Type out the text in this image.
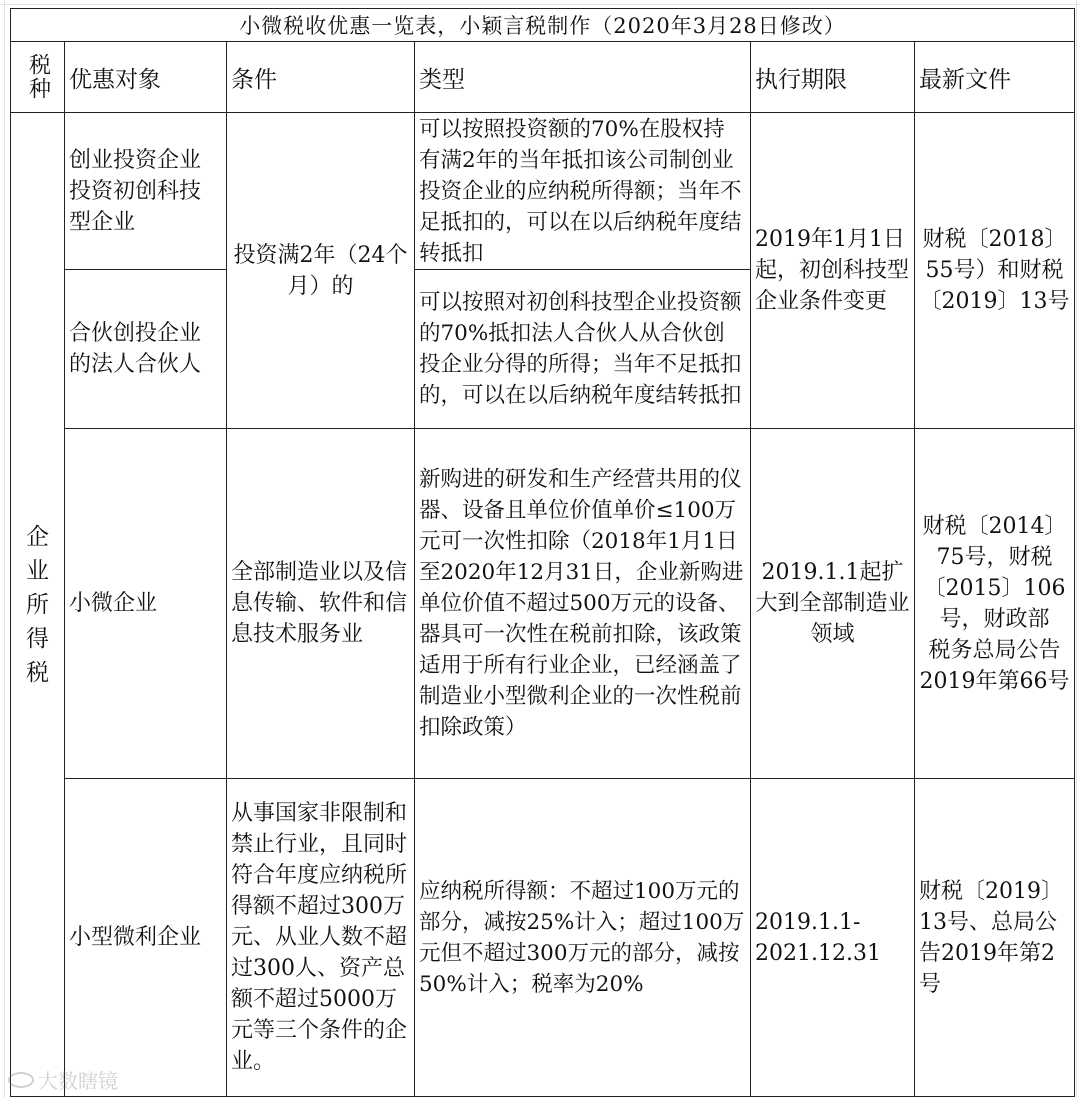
小微税收优惠一览表，小颖言税制作（2020年3月28日修改）					
税种	优惠对象	条件	类型	执行期限	最新文件

企业所得税	创业投资企业投资初创科技型企业	投资满2年（24个月）的	可以按照投资额的70%在股权持有满2年的当年抵扣该公司制创业投资企业的应纳税所得额；当年不足抵扣的，可以在以后纳税年度结转抵扣	2019年1月1日起，初创科技型企业条件变更	财税〔2018〕55号）和财税〔2019〕13号
	合伙创投企业的法人合伙人		可以按照对初创科技型企业投资额的70%抵扣法人合伙人从合伙创投企业分得的所得；当年不足抵扣的，可以在以后纳税年度结转抵扣		
	小微企业	全部制造业以及信息传输、软件和信息技术服务业	新购进的研发和生产经营共用的仪器、设备且单位价值单价≤100万元可一次性扣除（2018年1月1日至2020年12月31日，企业新购进单位价值不超过500万元的设备、器具可一次性在税前扣除，该政策适用于所有行业企业，已经涵盖了制造业小型微利企业的一次性税前扣除政策）	2019.1.1起扩大到全部制造业领域	财税〔2014〕75号，财税〔2015〕106号，财政部　税务总局公告2019年第66号
	小型微利企业	从事国家非限制和禁止行业，且同时符合年度应纳税所得额不超过300万元、从业人数不超过300人、资产总额不超过5000万元等三个条件的企业。	应纳税所得额：不超过100万元的部分，减按25%计入；超过100万元但不超过300万元的部分，减按50%计入；税率为20%	2019.1.1-2021.12.31	财税〔2019〕13号、总局公告2019年第2号
大数瞎镜
